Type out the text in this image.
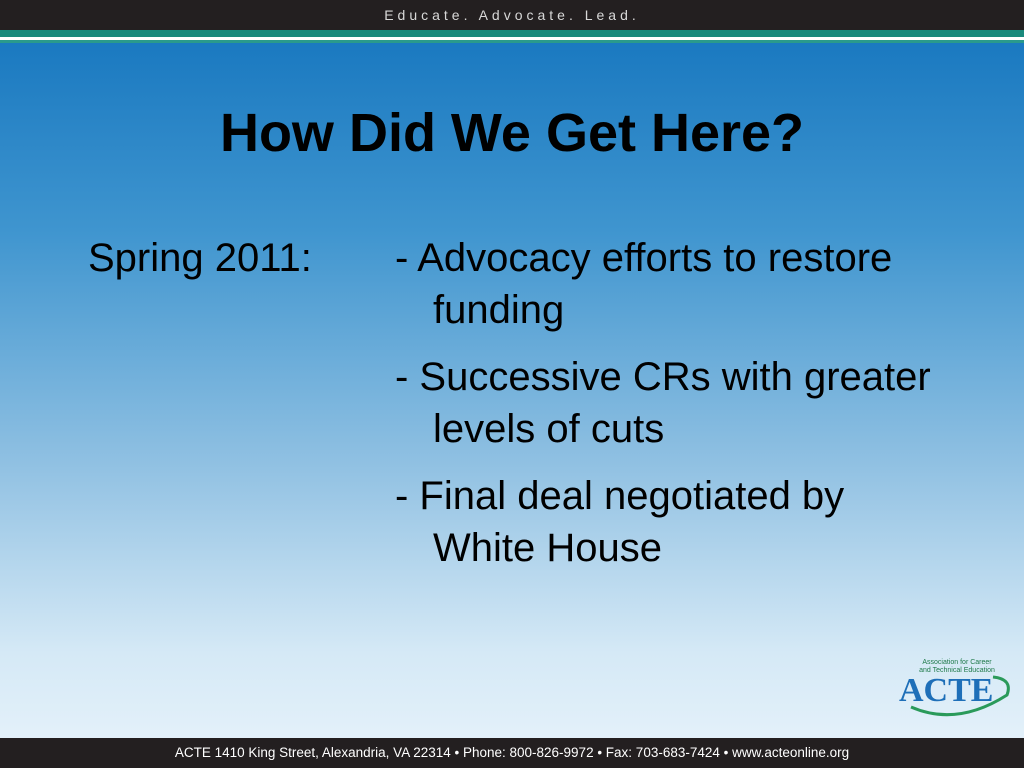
Educate. Advocate. Lead.
How Did We Get Here?
Spring 2011: - Advocacy efforts to restore funding
- Successive CRs with greater levels of cuts
- Final deal negotiated by White House
Association for Career
and Technical Education
ACTE
ACTE 1410 King Street, Alexandria, VA 22314 • Phone: 800-826-9972 • Fax: 703-683-7424 • www.acteonline.org
